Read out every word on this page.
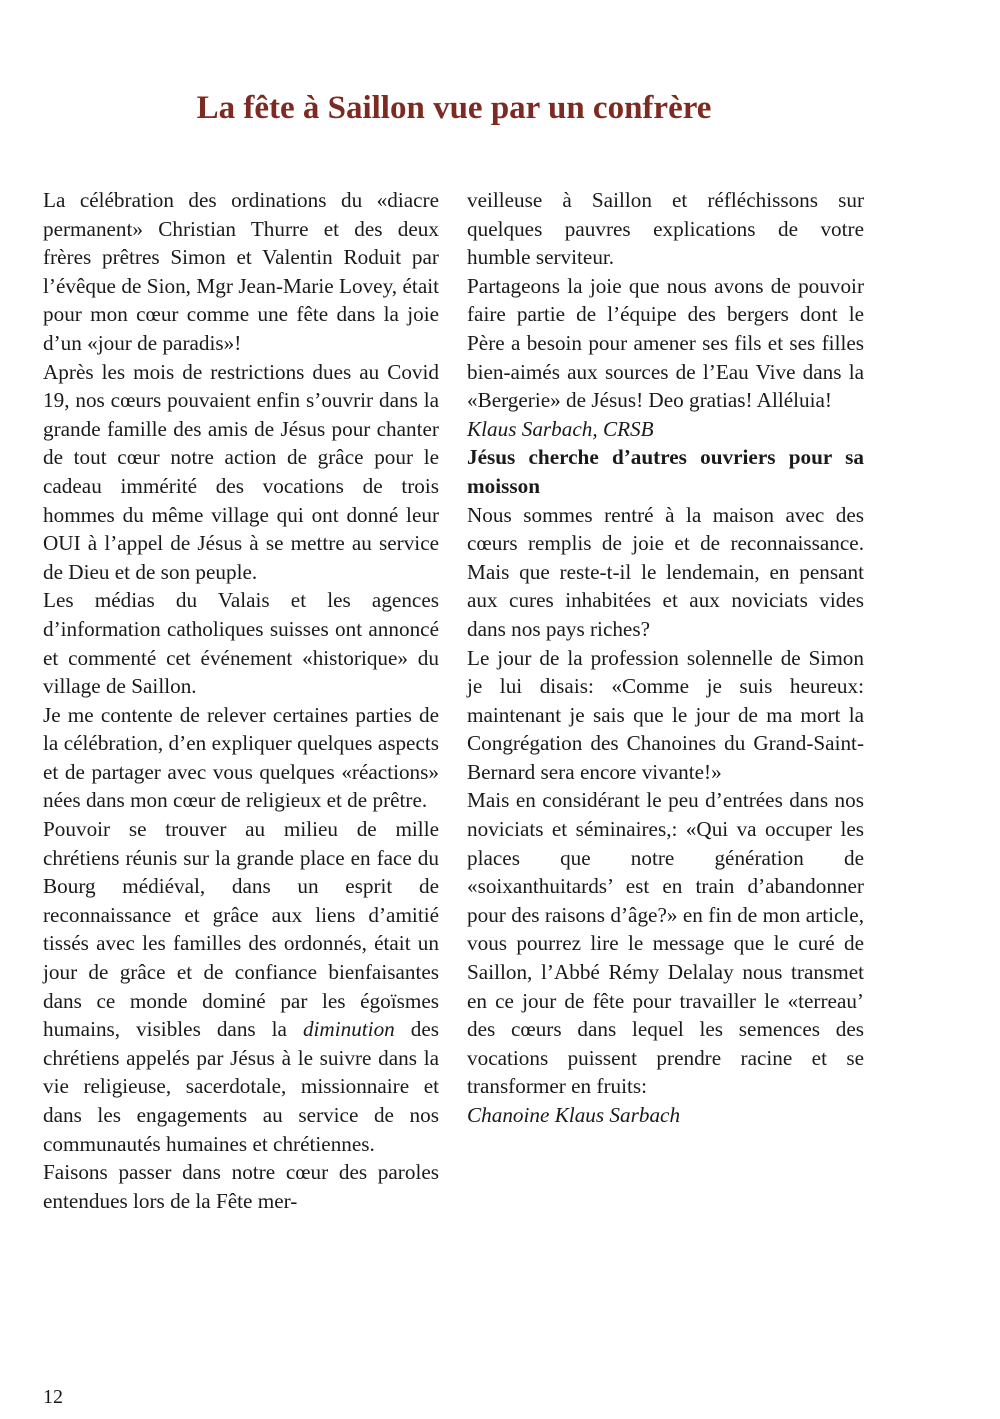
La fête à Saillon vue par un confrère

La célébration des ordinations du «diacre permanent» Christian Thurre et des deux frères prêtres Simon et Valentin Roduit par l’évêque de Sion, Mgr Jean-Marie Lovey, était pour mon cœur comme une fête dans la joie d’un «jour de paradis»!

Après les mois de restrictions dues au Covid 19, nos cœurs pouvaient enfin s’ouvrir dans la grande famille des amis de Jésus pour chanter de tout cœur notre action de grâce pour le cadeau immérité des vocations de trois hommes du même village qui ont donné leur OUI à l’appel de Jésus à se mettre au service de Dieu et de son peuple.

Les médias du Valais et les agences d’information catholiques suisses ont annoncé et commenté cet événement «historique» du village de Saillon.

Je me contente de relever certaines parties de la célébration, d’en expliquer quelques aspects et de partager avec vous quelques «réactions» nées dans mon cœur de religieux et de prêtre.

Pouvoir se trouver au milieu de mille chrétiens réunis sur la grande place en face du Bourg médiéval, dans un esprit de reconnaissance et grâce aux liens d’amitié tissés avec les familles des ordonnés, était un jour de grâce et de confiance bienfaisantes dans ce monde dominé par les égoïsmes humains, visibles dans la diminution des chrétiens appelés par Jésus à le suivre dans la vie religieuse, sacerdotale, missionnaire et dans les engagements au service de nos communautés humaines et chrétiennes.

Faisons passer dans notre cœur des paroles entendues lors de la Fête mer-

veilleuse à Saillon et réfléchissons sur quelques pauvres explications de votre humble serviteur.

Partageons la joie que nous avons de pouvoir faire partie de l’équipe des bergers dont le Père a besoin pour amener ses fils et ses filles bien-aimés aux sources de l’Eau Vive dans la «Bergerie» de Jésus! Deo gratias! Alléluia!

Klaus Sarbach, CRSB

Jésus cherche d’autres ouvriers pour sa moisson

Nous sommes rentré à la maison avec des cœurs remplis de joie et de reconnaissance. Mais que reste-t-il le lendemain, en pensant aux cures inhabitées et aux noviciats vides dans nos pays riches?

Le jour de la profession solennelle de Simon je lui disais: «Comme je suis heureux: maintenant je sais que le jour de ma mort la Congrégation des Chanoines du Grand-Saint-Bernard sera encore vivante!»

Mais en considérant le peu d’entrées dans nos noviciats et séminaires,: «Qui va occuper les places que notre génération de «soixanthuitards’ est en train d’abandonner pour des raisons d’âge?» en fin de mon article, vous pourrez lire le message que le curé de Saillon, l’Abbé Rémy Delalay nous transmet en ce jour de fête pour travailler le «terreau’ des cœurs dans lequel les semences des vocations puissent prendre racine et se transformer en fruits:

Chanoine Klaus Sarbach

12
